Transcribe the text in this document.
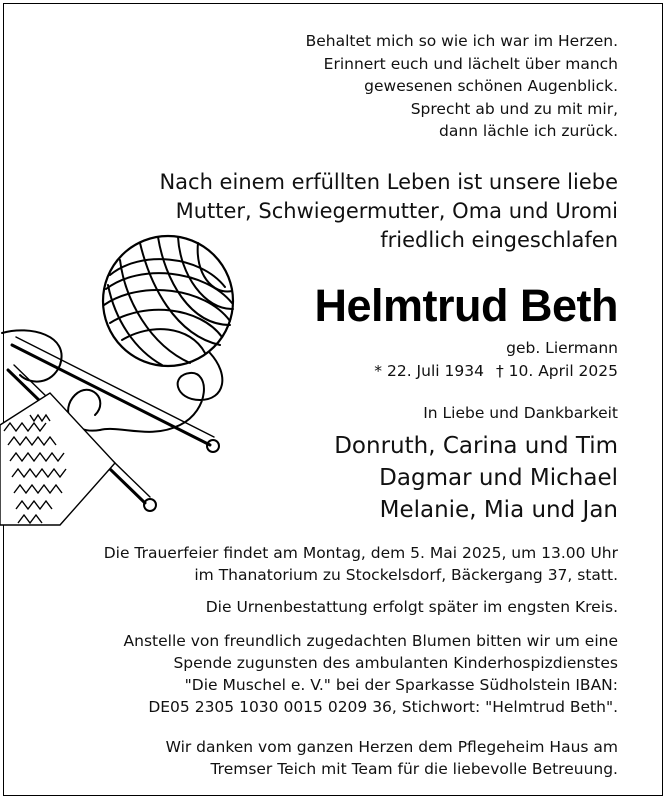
Behaltet mich so wie ich war im Herzen.
Erinnert euch und lächelt über manch
gewesenen schönen Augenblick.
Sprecht ab und zu mit mir,
dann lächle ich zurück.
Nach einem erfüllten Leben ist unsere liebe
Mutter, Schwiegermutter, Oma und Uromi
friedlich eingeschlafen
Helmtrud Beth
geb. Liermann
* 22. Juli 1934 † 10. April 2025
In Liebe und Dankbarkeit
Donruth, Carina und Tim
Dagmar und Michael
Melanie, Mia und Jan
Die Trauerfeier findet am Montag, dem 5. Mai 2025, um 13.00 Uhr
im Thanatorium zu Stockelsdorf, Bäckergang 37, statt.
Die Urnenbestattung erfolgt später im engsten Kreis.
Anstelle von freundlich zugedachten Blumen bitten wir um eine
Spende zugunsten des ambulanten Kinderhospizdienstes
"Die Muschel e. V." bei der Sparkasse Südholstein IBAN:
DE05 2305 1030 0015 0209 36, Stichwort: "Helmtrud Beth".
Wir danken vom ganzen Herzen dem Pflegeheim Haus am
Tremser Teich mit Team für die liebevolle Betreuung.
